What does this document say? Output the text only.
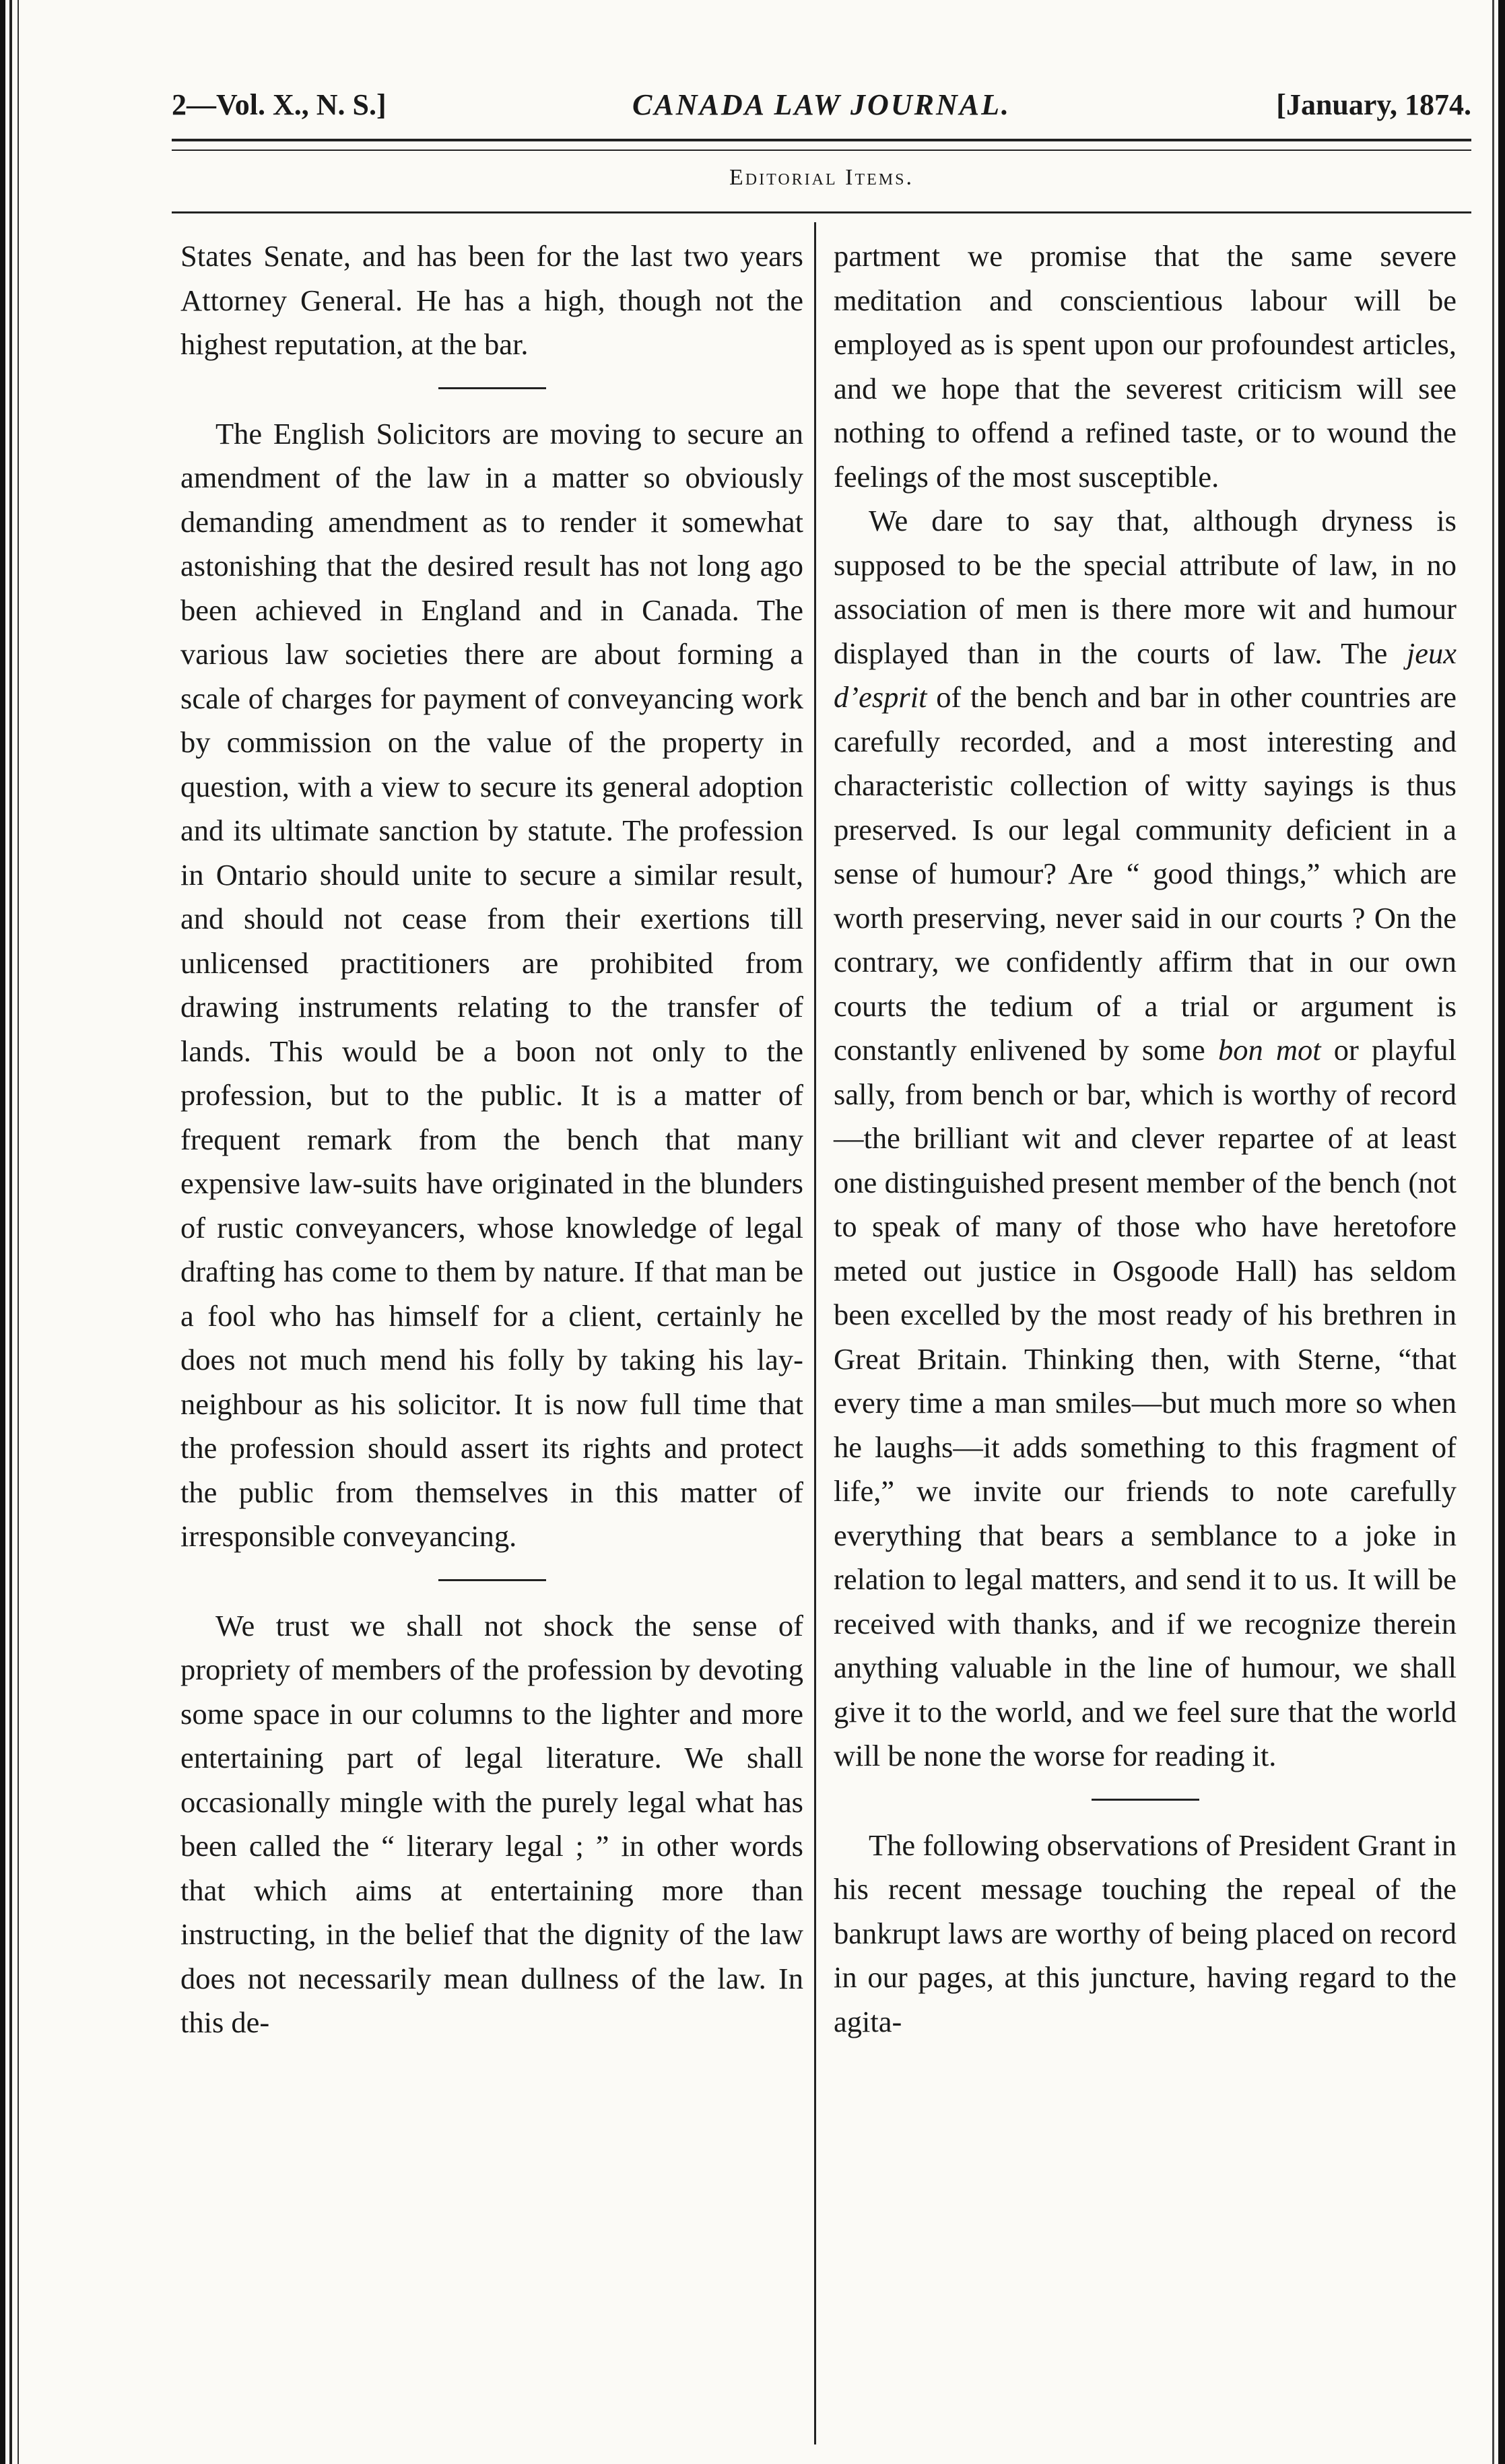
2—Vol. X., N. S.]	CANADA LAW JOURNAL.	[January, 1874.
Editorial Items.

States Senate, and has been for the last two years Attorney General. He has a high, though not the highest reputation, at the bar.

The English Solicitors are moving to secure an amendment of the law in a matter so obviously demanding amendment as to render it somewhat astonishing that the desired result has not long ago been achieved in England and in Canada. The various law societies there are about forming a scale of charges for payment of conveyancing work by commission on the value of the property in question, with a view to secure its general adoption and its ultimate sanction by statute. The profession in Ontario should unite to secure a similar result, and should not cease from their exertions till unlicensed practitioners are prohibited from drawing instruments relating to the transfer of lands. This would be a boon not only to the profession, but to the public. It is a matter of frequent remark from the bench that many expensive law-suits have originated in the blunders of rustic conveyancers, whose knowledge of legal drafting has come to them by nature. If that man be a fool who has himself for a client, certainly he does not much mend his folly by taking his lay-neighbour as his solicitor. It is now full time that the profession should assert its rights and protect the public from themselves in this matter of irresponsible conveyancing.

We trust we shall not shock the sense of propriety of members of the profession by devoting some space in our columns to the lighter and more entertaining part of legal literature. We shall occasionally mingle with the purely legal what has been called the “ literary legal ; ” in other words that which aims at entertaining more than instructing, in the belief that the dignity of the law does not necessarily mean dullness of the law. In this de-

partment we promise that the same severe meditation and conscientious labour will be employed as is spent upon our profoundest articles, and we hope that the severest criticism will see nothing to offend a refined taste, or to wound the feelings of the most susceptible.

We dare to say that, although dryness is supposed to be the special attribute of law, in no association of men is there more wit and humour displayed than in the courts of law. The jeux d’esprit of the bench and bar in other countries are carefully recorded, and a most interesting and characteristic collection of witty sayings is thus preserved. Is our legal community deficient in a sense of humour? Are “ good things,” which are worth preserving, never said in our courts ? On the contrary, we confidently affirm that in our own courts the tedium of a trial or argument is constantly enlivened by some bon mot or playful sally, from bench or bar, which is worthy of record—the brilliant wit and clever repartee of at least one distinguished present member of the bench (not to speak of many of those who have heretofore meted out justice in Osgoode Hall) has seldom been excelled by the most ready of his brethren in Great Britain. Thinking then, with Sterne, “that every time a man smiles—but much more so when he laughs—it adds something to this fragment of life,” we invite our friends to note carefully everything that bears a semblance to a joke in relation to legal matters, and send it to us. It will be received with thanks, and if we recognize therein anything valuable in the line of humour, we shall give it to the world, and we feel sure that the world will be none the worse for reading it.

The following observations of President Grant in his recent message touching the repeal of the bankrupt laws are worthy of being placed on record in our pages, at this juncture, having regard to the agita-
